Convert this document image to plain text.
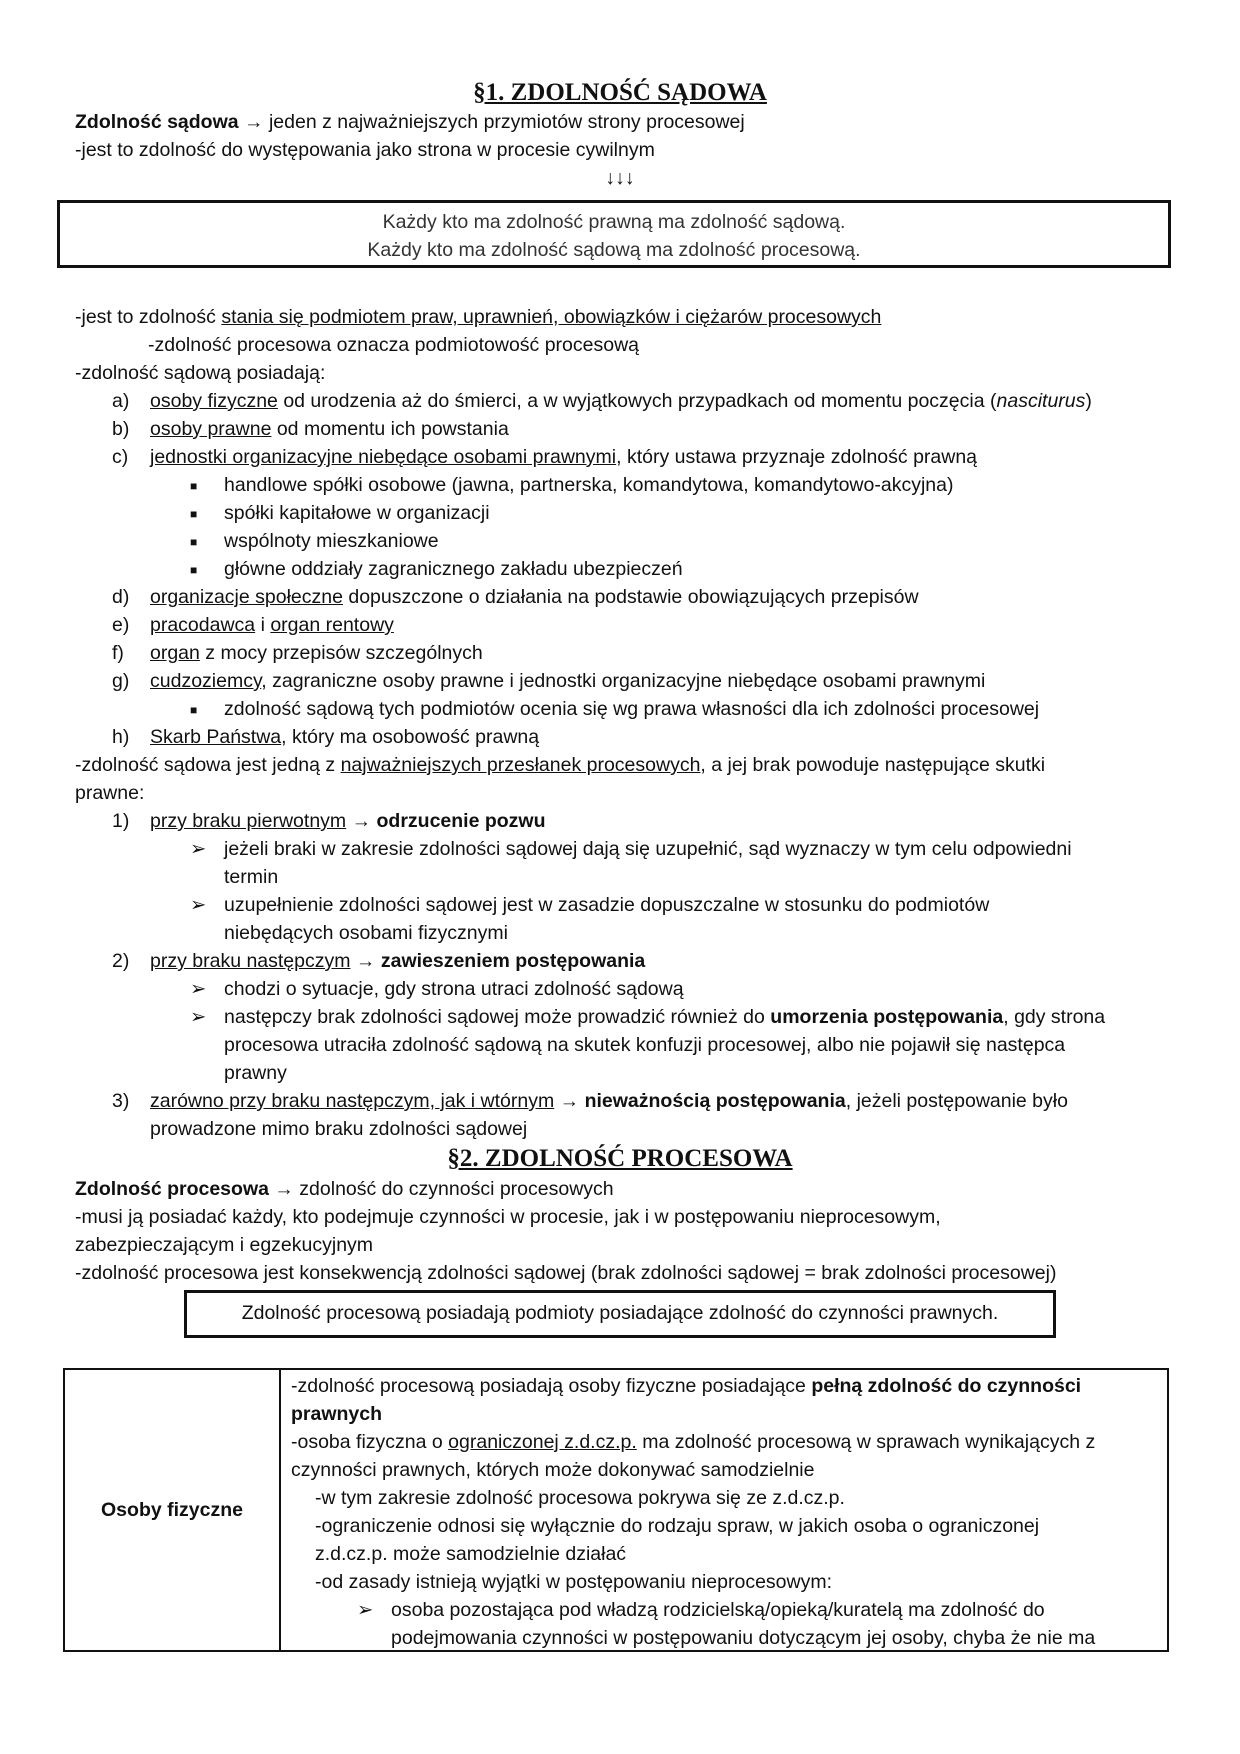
§1. ZDOLNOŚĆ SĄDOWA
Zdolność sądowa → jeden z najważniejszych przymiotów strony procesowej
-jest to zdolność do występowania jako strona w procesie cywilnym
↓↓↓
Każdy kto ma zdolność prawną ma zdolność sądową.
Każdy kto ma zdolność sądową ma zdolność procesową.
-jest to zdolność stania się podmiotem praw, uprawnień, obowiązków i ciężarów procesowych
-zdolność procesowa oznacza podmiotowość procesową
-zdolność sądową posiadają:
a) osoby fizyczne od urodzenia aż do śmierci, a w wyjątkowych przypadkach od momentu poczęcia (nasciturus)
b) osoby prawne od momentu ich powstania
c) jednostki organizacyjne niebędące osobami prawnymi, który ustawa przyznaje zdolność prawną
■ handlowe spółki osobowe (jawna, partnerska, komandytowa, komandytowo-akcyjna)
■ spółki kapitałowe w organizacji
■ wspólnoty mieszkaniowe
■ główne oddziały zagranicznego zakładu ubezpieczeń
d) organizacje społeczne dopuszczone o działania na podstawie obowiązujących przepisów
e) pracodawca i organ rentowy
f) organ z mocy przepisów szczególnych
g) cudzoziemcy, zagraniczne osoby prawne i jednostki organizacyjne niebędące osobami prawnymi
■ zdolność sądową tych podmiotów ocenia się wg prawa własności dla ich zdolności procesowej
h) Skarb Państwa, który ma osobowość prawną
-zdolność sądowa jest jedną z najważniejszych przesłanek procesowych, a jej brak powoduje następujące skutki
prawne:
1) przy braku pierwotnym → odrzucenie pozwu
➢ jeżeli braki w zakresie zdolności sądowej dają się uzupełnić, sąd wyznaczy w tym celu odpowiedni
termin
➢ uzupełnienie zdolności sądowej jest w zasadzie dopuszczalne w stosunku do podmiotów
niebędących osobami fizycznymi
2) przy braku następczym → zawieszeniem postępowania
➢ chodzi o sytuacje, gdy strona utraci zdolność sądową
➢ następczy brak zdolności sądowej może prowadzić również do umorzenia postępowania, gdy strona
procesowa utraciła zdolność sądową na skutek konfuzji procesowej, albo nie pojawił się następca
prawny
3) zarówno przy braku następczym, jak i wtórnym → nieważnością postępowania, jeżeli postępowanie było
prowadzone mimo braku zdolności sądowej
§2. ZDOLNOŚĆ PROCESOWA
Zdolność procesowa → zdolność do czynności procesowych
-musi ją posiadać każdy, kto podejmuje czynności w procesie, jak i w postępowaniu nieprocesowym,
zabezpieczającym i egzekucyjnym
-zdolność procesowa jest konsekwencją zdolności sądowej (brak zdolności sądowej = brak zdolności procesowej)
Zdolność procesową posiadają podmioty posiadające zdolność do czynności prawnych.
Osoby fizyczne
-zdolność procesową posiadają osoby fizyczne posiadające pełną zdolność do czynności
prawnych
-osoba fizyczna o ograniczonej z.d.cz.p. ma zdolność procesową w sprawach wynikających z
czynności prawnych, których może dokonywać samodzielnie
-w tym zakresie zdolność procesowa pokrywa się ze z.d.cz.p.
-ograniczenie odnosi się wyłącznie do rodzaju spraw, w jakich osoba o ograniczonej
z.d.cz.p. może samodzielnie działać
-od zasady istnieją wyjątki w postępowaniu nieprocesowym:
➢ osoba pozostająca pod władzą rodzicielską/opieką/kuratelą ma zdolność do
podejmowania czynności w postępowaniu dotyczącym jej osoby, chyba że nie ma
